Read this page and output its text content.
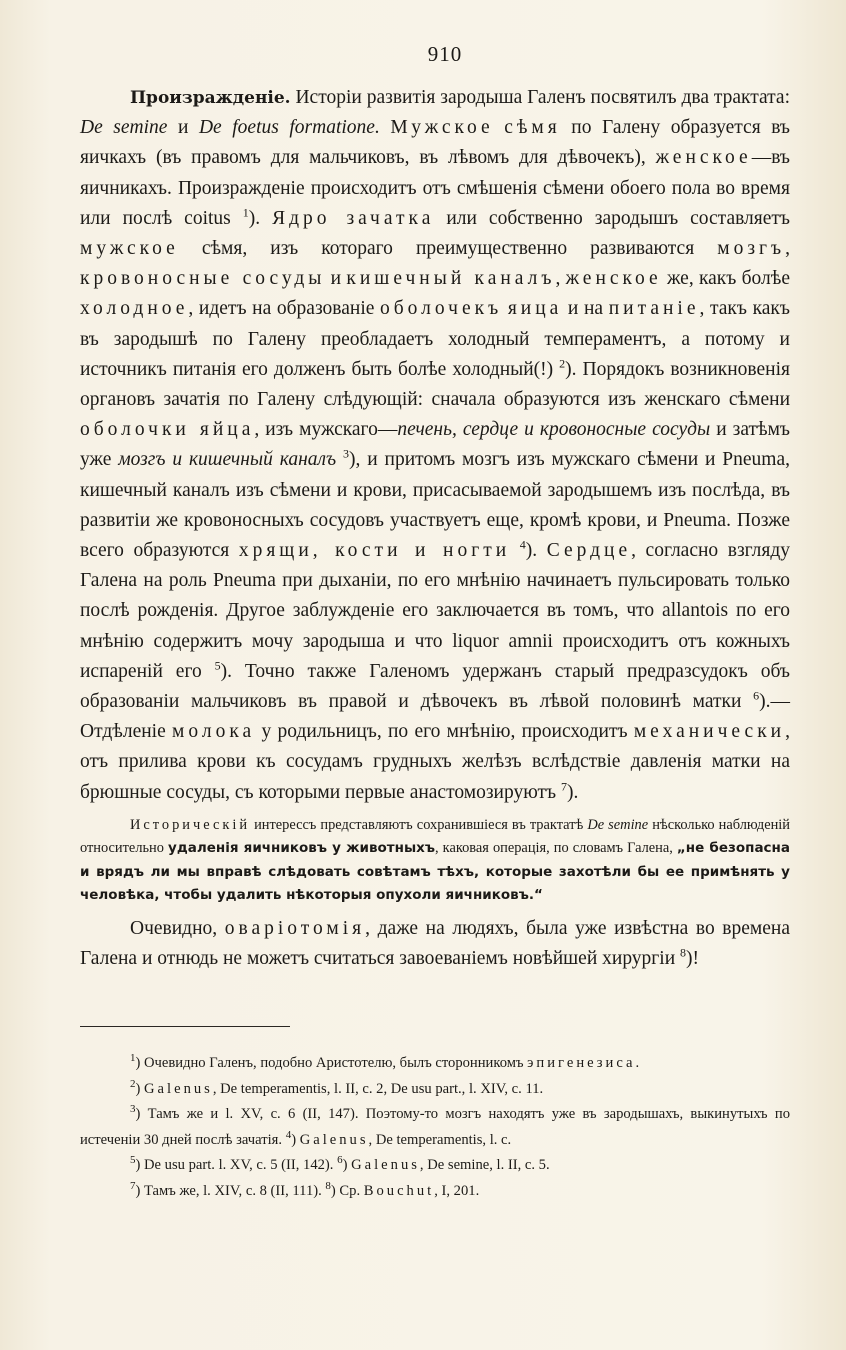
910

Произражденіе. Исторіи развитія зародыша Галенъ посвятилъ два трактата: De semine и De foetus formatione. Мужское сѣмя по Галену образуется въ яичкахъ (въ правомъ для мальчиковъ, въ лѣвомъ для дѣвочекъ), женское—въ яичникахъ. Произражденіе происходитъ отъ смѣшенія сѣмени обоего пола во время или послѣ coitus $^1$). Ядро зачатка или собственно зародышъ составляетъ мужское сѣмя, изъ котораго преимущественно развиваются мозгъ, кровоносные сосуды и кишечный каналъ, женское же, какъ болѣе холодное, идетъ на образованіе оболочекъ яица и на питаніе, такъ какъ въ зародышѣ по Галену преобладаетъ холодный темпераментъ, а потому и источникъ питанія его долженъ быть болѣе холодный(!) $^2$). Порядокъ возникновенія органовъ зачатія по Галену слѣдующій: сначала образуются изъ женскаго сѣмени оболочки яйца, изъ мужскаго—печень, сердце и кровоносные сосуды и затѣмъ уже мозгъ и кишечный каналъ $^3$), и притомъ мозгъ изъ мужскаго сѣмени и Pneuma, кишечный каналъ изъ сѣмени и крови, присасываемой зародышемъ изъ послѣда, въ развитіи же кровоносныхъ сосудовъ участвуетъ еще, кромѣ крови, и Pneuma. Позже всего образуются хрящи, кости и ногти $^4$). Сердце, согласно взгляду Галена на роль Pneuma при дыханіи, по его мнѣнію начинаетъ пульсировать только послѣ рожденія. Другое заблужденіе его заключается въ томъ, что allantois по его мнѣнію содержитъ мочу зародыша и что liquor amnii происходитъ отъ кожныхъ испареній его $^5$). Точно также Галеномъ удержанъ старый предразсудокъ объ образованіи мальчиковъ въ правой и дѣвочекъ въ лѣвой половинѣ матки $^6$).—Отдѣленіе молока у родильницъ, по его мнѣнію, происходитъ механически, отъ прилива крови къ сосудамъ грудныхъ желѣзъ вслѣдствіе давленія матки на брюшные сосуды, съ которыми первые анастомозируютъ $^7$).

Историческій интерессъ представляютъ сохранившіеся въ трактатѣ De semine нѣсколько наблюденій относительно удаленія яичниковъ у животныхъ, каковая операція, по словамъ Галена, „не безопасна и врядъ ли мы вправѣ слѣдовать совѣтамъ тѣхъ, которые захотѣли бы ее примѣнять у человѣка, чтобы удалить нѣкоторыя опухоли яичниковъ.“

Очевидно, оваріотомія, даже на людяхъ, была уже извѣстна во времена Галена и отнюдь не можетъ считаться завоеваніемъ новѣйшей хирургіи $^8$)!

$^1$) Очевидно Галенъ, подобно Аристотелю, былъ сторонникомъ эпигенезиса.

$^2$) Galenus, De temperamentis, l. II, c. 2, De usu part., l. XIV, c. 11.

$^3$) Тамъ же и l. XV, c. 6 (II, 147). Поэтому-то мозгъ находятъ уже въ зародышахъ, выкинутыхъ по истеченіи 30 дней послѣ зачатія. $^4$) Galenus, De temperamentis, l. c.

$^5$) De usu part. l. XV, c. 5 (II, 142). $^6$) Galenus, De semine, l. II, c. 5.

$^7$) Тамъ же, l. XIV, c. 8 (II, 111). $^8$) Ср. Bouchut, I, 201.
